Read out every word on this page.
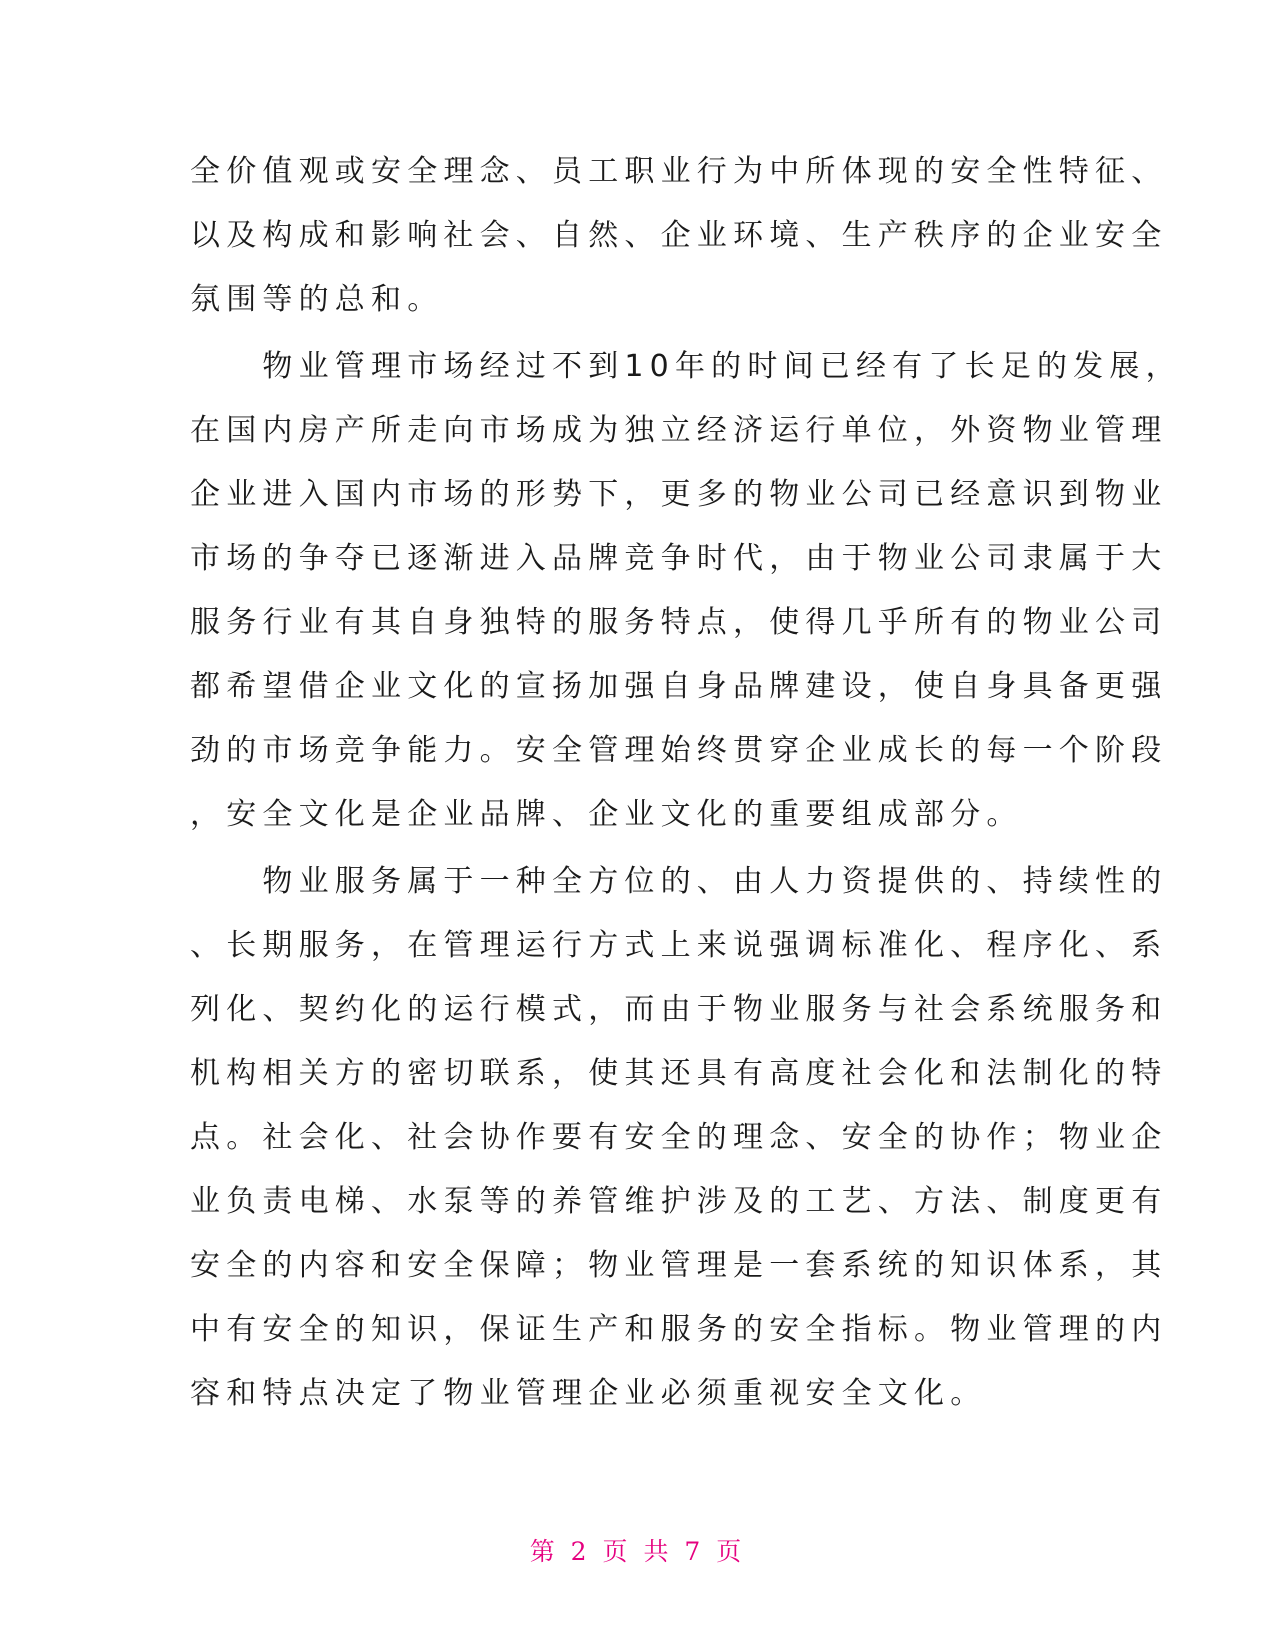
全价值观或安全理念、员工职业行为中所体现的安全性特征、
以及构成和影响社会、自然、企业环境、生产秩序的企业安全
氛围等的总和。
　　物业管理市场经过不到10年的时间已经有了长足的发展，
在国内房产所走向市场成为独立经济运行单位，外资物业管理
企业进入国内市场的形势下，更多的物业公司已经意识到物业
市场的争夺已逐渐进入品牌竞争时代，由于物业公司隶属于大
服务行业有其自身独特的服务特点，使得几乎所有的物业公司
都希望借企业文化的宣扬加强自身品牌建设，使自身具备更强
劲的市场竞争能力。安全管理始终贯穿企业成长的每一个阶段
，安全文化是企业品牌、企业文化的重要组成部分。
　　物业服务属于一种全方位的、由人力资提供的、持续性的
、长期服务，在管理运行方式上来说强调标准化、程序化、系
列化、契约化的运行模式，而由于物业服务与社会系统服务和
机构相关方的密切联系，使其还具有高度社会化和法制化的特
点。社会化、社会协作要有安全的理念、安全的协作；物业企
业负责电梯、水泵等的养管维护涉及的工艺、方法、制度更有
安全的内容和安全保障；物业管理是一套系统的知识体系，其
中有安全的知识，保证生产和服务的安全指标。物业管理的内
容和特点决定了物业管理企业必须重视安全文化。
第 2 页 共 7 页
